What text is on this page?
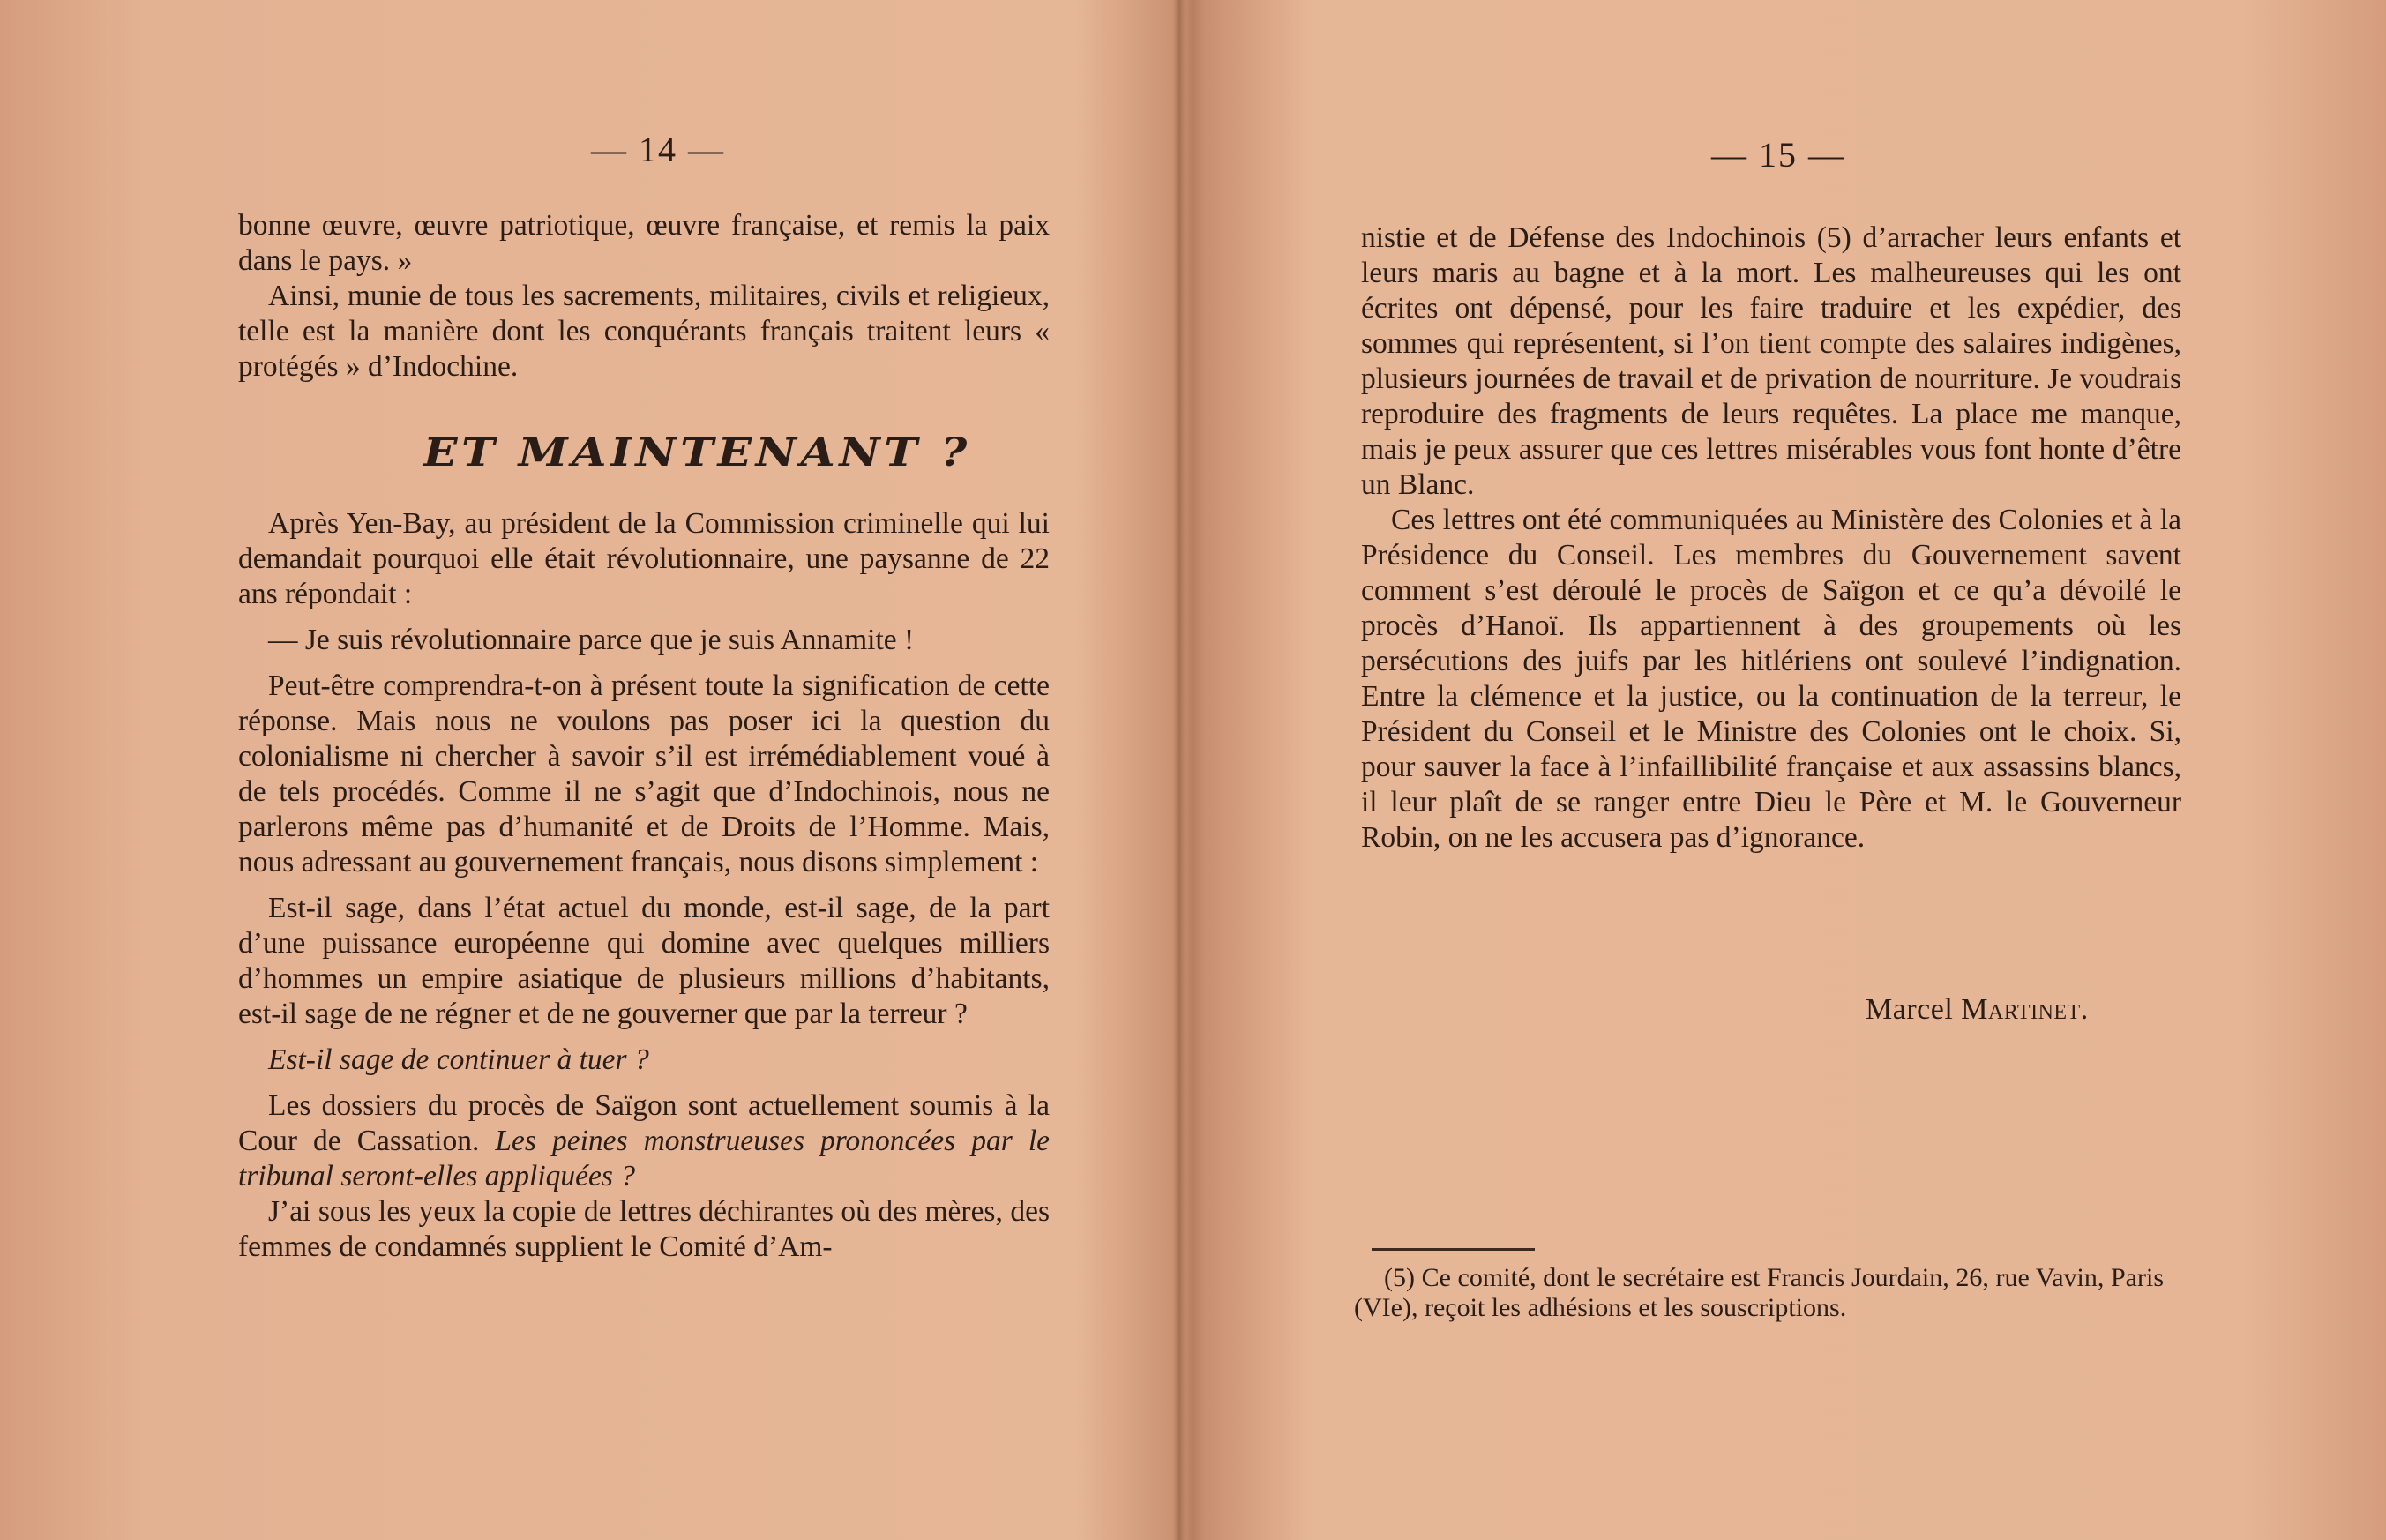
— 14 —

bonne œuvre, œuvre patriotique, œuvre française, et remis la paix dans le pays. »

Ainsi, munie de tous les sacrements, militaires, civils et religieux, telle est la manière dont les conquérants français traitent leurs « protégés » d’Indochine.

ET MAINTENANT ?

Après Yen-Bay, au président de la Commission criminelle qui lui demandait pourquoi elle était révolutionnaire, une paysanne de 22 ans répondait :

— Je suis révolutionnaire parce que je suis Annamite !

Peut-être comprendra-t-on à présent toute la signification de cette réponse. Mais nous ne voulons pas poser ici la question du colonialisme ni chercher à savoir s’il est irrémédiablement voué à de tels procédés. Comme il ne s’agit que d’Indochinois, nous ne parlerons même pas d’humanité et de Droits de l’Homme. Mais, nous adressant au gouvernement français, nous disons simplement :

Est-il sage, dans l’état actuel du monde, est-il sage, de la part d’une puissance européenne qui domine avec quelques milliers d’hommes un empire asiatique de plusieurs millions d’habitants, est-il sage de ne régner et de ne gouverner que par la terreur ?

Est-il sage de continuer à tuer ?

Les dossiers du procès de Saïgon sont actuellement soumis à la Cour de Cassation. Les peines monstrueuses prononcées par le tribunal seront-elles appliquées ?

J’ai sous les yeux la copie de lettres déchirantes où des mères, des femmes de condamnés supplient le Comité d’Am-

— 15 —

nistie et de Défense des Indochinois (5) d’arracher leurs enfants et leurs maris au bagne et à la mort. Les malheureuses qui les ont écrites ont dépensé, pour les faire traduire et les expédier, des sommes qui représentent, si l’on tient compte des salaires indigènes, plusieurs journées de travail et de privation de nourriture. Je voudrais reproduire des fragments de leurs requêtes. La place me manque, mais je peux assurer que ces lettres misérables vous font honte d’être un Blanc.

Ces lettres ont été communiquées au Ministère des Colonies et à la Présidence du Conseil. Les membres du Gouvernement savent comment s’est déroulé le procès de Saïgon et ce qu’a dévoilé le procès d’Hanoï. Ils appartiennent à des groupements où les persécutions des juifs par les hitlériens ont soulevé l’indignation. Entre la clémence et la justice, ou la continuation de la terreur, le Président du Conseil et le Ministre des Colonies ont le choix. Si, pour sauver la face à l’infaillibilité française et aux assassins blancs, il leur plaît de se ranger entre Dieu le Père et M. le Gouverneur Robin, on ne les accusera pas d’ignorance.

Marcel Martinet.

(5) Ce comité, dont le secrétaire est Francis Jourdain, 26, rue Vavin, Paris (VIe), reçoit les adhésions et les souscriptions.
